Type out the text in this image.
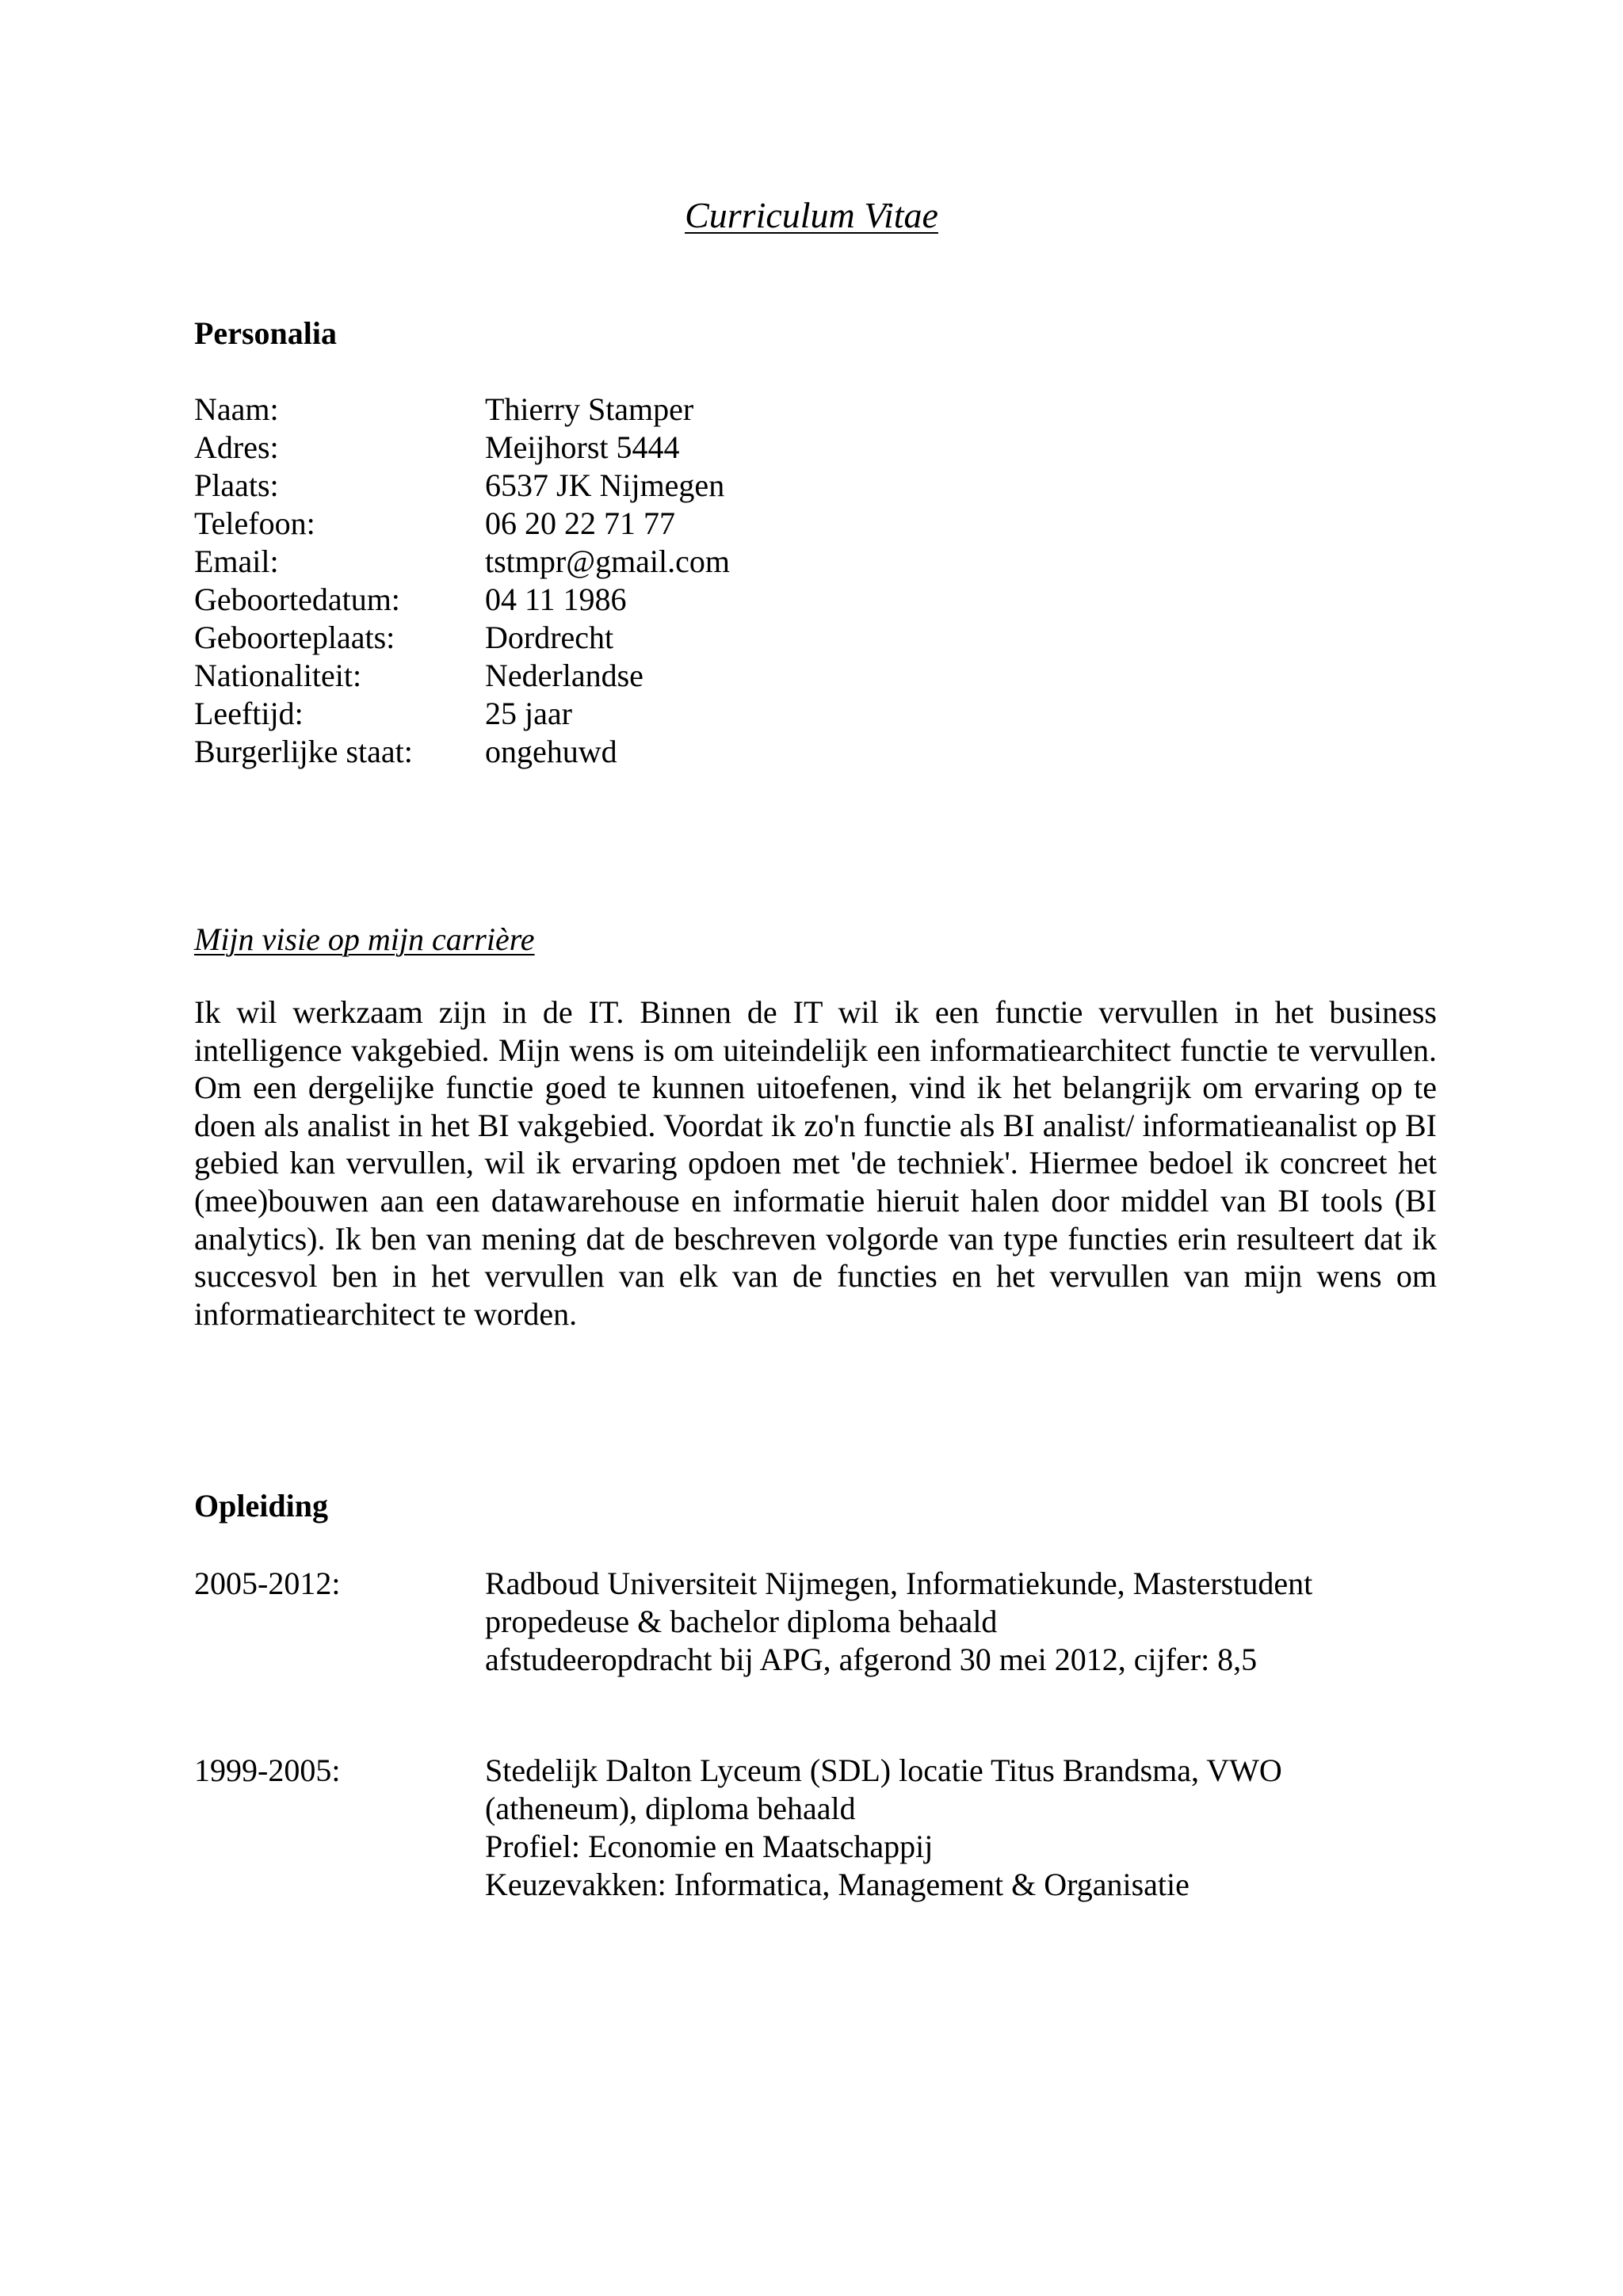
Curriculum Vitae
Personalia
Naam:	Thierry Stamper
Adres:	Meijhorst 5444
Plaats:	6537 JK Nijmegen
Telefoon:	06 20 22 71 77
Email:	tstmpr@gmail.com
Geboortedatum:	04 11 1986
Geboorteplaats:	Dordrecht
Nationaliteit:	Nederlandse
Leeftijd:	25 jaar
Burgerlijke staat: ongehuwd
Mijn visie op mijn carrière

Ik wil werkzaam zijn in de IT. Binnen de IT wil ik een functie vervullen in het business intelligence vakgebied. Mijn wens is om uiteindelijk een informatiearchitect functie te vervullen. Om een dergelijke functie goed te kunnen uitoefenen, vind ik het belangrijk om ervaring op te doen als analist in het BI vakgebied. Voordat ik zo'n functie als BI analist/ informatieanalist op BI gebied kan vervullen, wil ik ervaring opdoen met 'de techniek'. Hiermee bedoel ik concreet het (mee)bouwen aan een datawarehouse en informatie hieruit halen door middel van BI tools (BI analytics). Ik ben van mening dat de beschreven volgorde van type functies erin resulteert dat ik succesvol ben in het vervullen van elk van de functies en het vervullen van mijn wens om informatiearchitect te worden.

Opleiding
2005-2012:	Radboud Universiteit Nijmegen, Informatiekunde, Masterstudent
propedeuse & bachelor diploma behaald
afstudeeropdracht bij APG, afgerond 30 mei 2012, cijfer: 8,5
1999-2005:	Stedelijk Dalton Lyceum (SDL) locatie Titus Brandsma, VWO
(atheneum), diploma behaald
Profiel: Economie en Maatschappij
Keuzevakken: Informatica, Management & Organisatie
